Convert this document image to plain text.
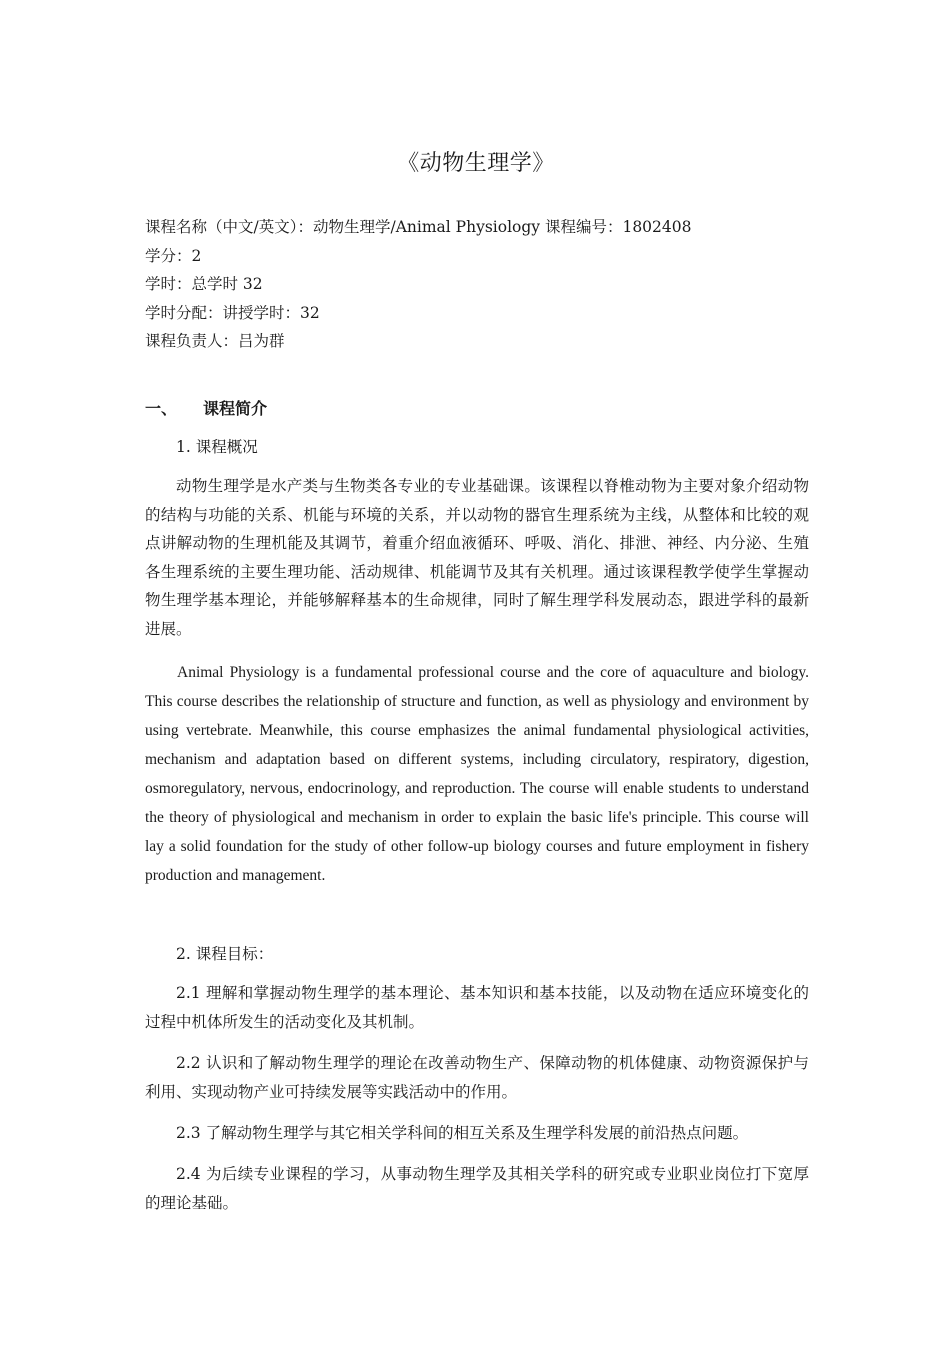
《动物生理学》
课程名称（中文/英文）：动物生理学/Animal Physiology 课程编号：1802408
学分：2
学时：总学时 32
学时分配：讲授学时：32
课程负责人：吕为群
一、 课程简介
1. 课程概况
动物生理学是水产类与生物类各专业的专业基础课。该课程以脊椎动物为主要对象介绍动物的结构与功能的关系、机能与环境的关系，并以动物的器官生理系统为主线，从整体和比较的观点讲解动物的生理机能及其调节，着重介绍血液循环、呼吸、消化、排泄、神经、内分泌、生殖各生理系统的主要生理功能、活动规律、机能调节及其有关机理。通过该课程教学使学生掌握动物生理学基本理论，并能够解释基本的生命规律，同时了解生理学科发展动态，跟进学科的最新进展。
Animal Physiology is a fundamental professional course and the core of aquaculture and biology. This course describes the relationship of structure and function, as well as physiology and environment by using vertebrate. Meanwhile, this course emphasizes the animal fundamental physiological activities, mechanism and adaptation based on different systems, including circulatory, respiratory, digestion, osmoregulatory, nervous, endocrinology, and reproduction. The course will enable students to understand the theory of physiological and mechanism in order to explain the basic life's principle. This course will lay a solid foundation for the study of other follow-up biology courses and future employment in fishery production and management.
2. 课程目标：
2.1 理解和掌握动物生理学的基本理论、基本知识和基本技能，以及动物在适应环境变化的过程中机体所发生的活动变化及其机制。
2.2 认识和了解动物生理学的理论在改善动物生产、保障动物的机体健康、动物资源保护与利用、实现动物产业可持续发展等实践活动中的作用。
2.3 了解动物生理学与其它相关学科间的相互关系及生理学科发展的前沿热点问题。
2.4 为后续专业课程的学习，从事动物生理学及其相关学科的研究或专业职业岗位打下宽厚的理论基础。
